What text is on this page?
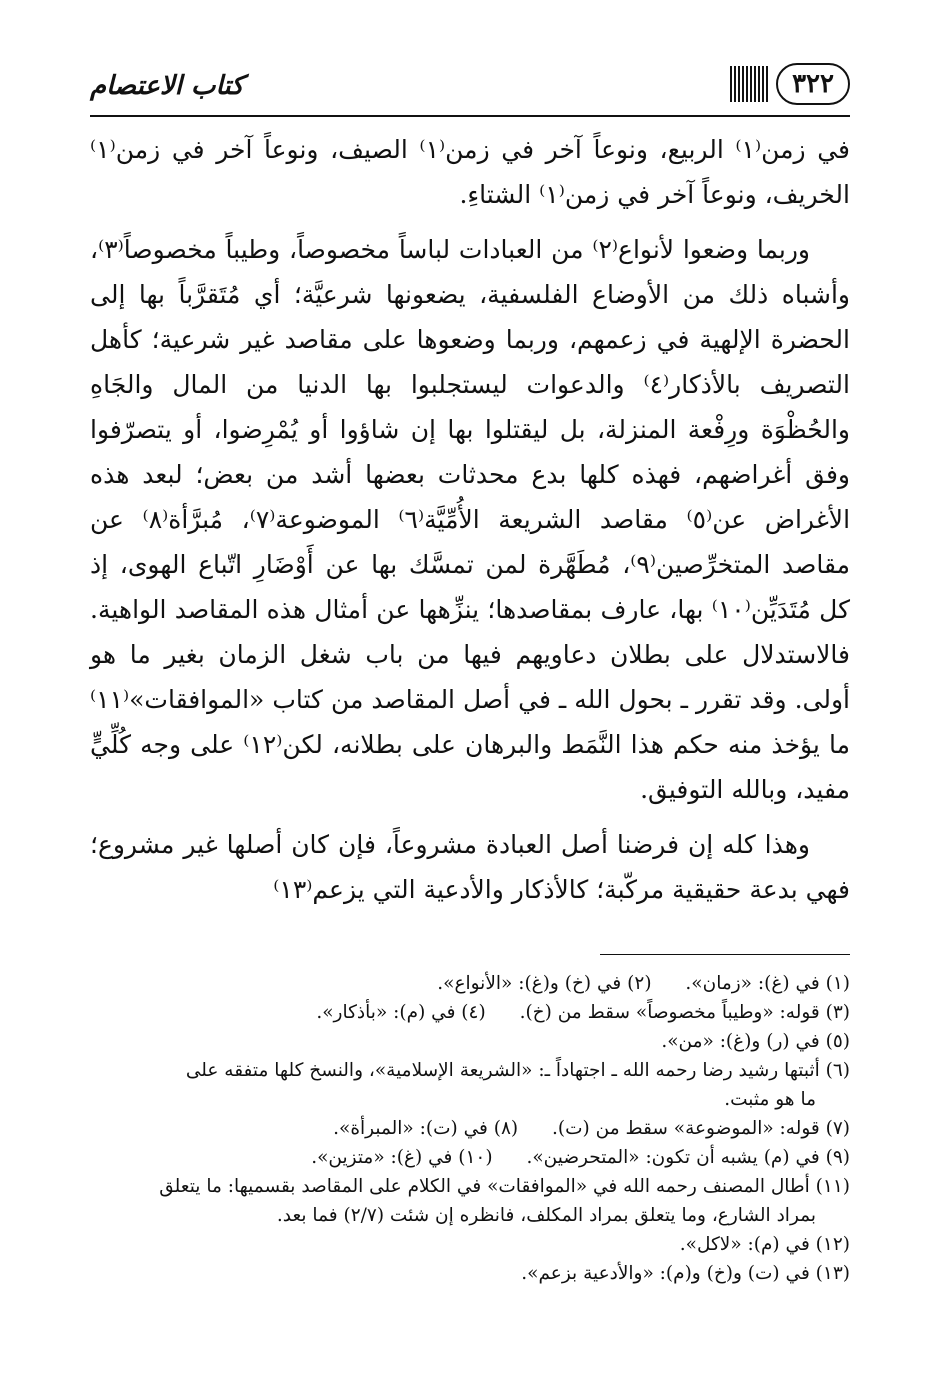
٣٢٢
كتاب الاعتصام

في زمن⁽١⁾ الربيع، ونوعاً آخر في زمن⁽١⁾ الصيف، ونوعاً آخر في زمن⁽١⁾ الخريف، ونوعاً آخر في زمن⁽١⁾ الشتاءِ.

وربما وضعوا لأنواع⁽٢⁾ من العبادات لباساً مخصوصاً، وطيباً مخصوصاً⁽٣⁾، وأشباه ذلك من الأوضاع الفلسفية، يضعونها شرعيَّة؛ أي مُتَقرَّباً بها إلى الحضرة الإلهية في زعمهم، وربما وضعوها على مقاصد غير شرعية؛ كأهل التصريف بالأذكار⁽٤⁾ والدعوات ليستجلبوا بها الدنيا من المال والجَاهِ والحُظْوَة ورِفْعة المنزلة، بل ليقتلوا بها إن شاؤوا أو يُمْرِضوا، أو يتصرّفوا وفق أغراضهم، فهذه كلها بدع محدثات بعضها أشد من بعض؛ لبعد هذه الأغراض عن⁽٥⁾ مقاصد الشريعة الأُمِّيَّة⁽٦⁾ الموضوعة⁽٧⁾، مُبرَّأة⁽٨⁾ عن مقاصد المتخرِّصين⁽٩⁾، مُطَهَّرة لمن تمسَّك بها عن أَوْضَارِ اتّباع الهوى، إذ كل مُتَدَيِّن⁽١٠⁾ بها، عارف بمقاصدها؛ ينزِّهها عن أمثال هذه المقاصد الواهية. فالاستدلال على بطلان دعاويهم فيها من باب شغل الزمان بغير ما هو أولى. وقد تقرر ـ بحول الله ـ في أصل المقاصد من كتاب «الموافقات»⁽١١⁾ ما يؤخذ منه حكم هذا النَّمَط والبرهان على بطلانه، لكن⁽١٢⁾ على وجه كُلِّيٍّ مفيد، وبالله التوفيق.

وهذا كله إن فرضنا أصل العبادة مشروعاً، فإن كان أصلها غير مشروع؛ فهي بدعة حقيقية مركّبة؛ كالأذكار والأدعية التي يزعم⁽١٣⁾

(١) في (غ): «زمان». (٢) في (خ) و(غ): «الأنواع».

(٣) قوله: «وطيباً مخصوصاً» سقط من (خ). (٤) في (م): «بأذكار».

(٥) في (ر) و(غ): «من».

(٦) أثبتها رشيد رضا رحمه الله ـ اجتهاداً ـ: «الشريعة الإسلامية»، والنسخ كلها متفقه على

ما هو مثبت.

(٧) قوله: «الموضوعة» سقط من (ت). (٨) في (ت): «المبرأة».

(٩) في (م) يشبه أن تكون: «المتحرضين». (١٠) في (غ): «متزين».

(١١) أطال المصنف رحمه الله في «الموافقات» في الكلام على المقاصد بقسميها: ما يتعلق

بمراد الشارع، وما يتعلق بمراد المكلف، فانظره إن شئت (٢/٧) فما بعد.

(١٢) في (م): «لاكل».

(١٣) في (ت) و(خ) و(م): «والأدعية بزعم».
